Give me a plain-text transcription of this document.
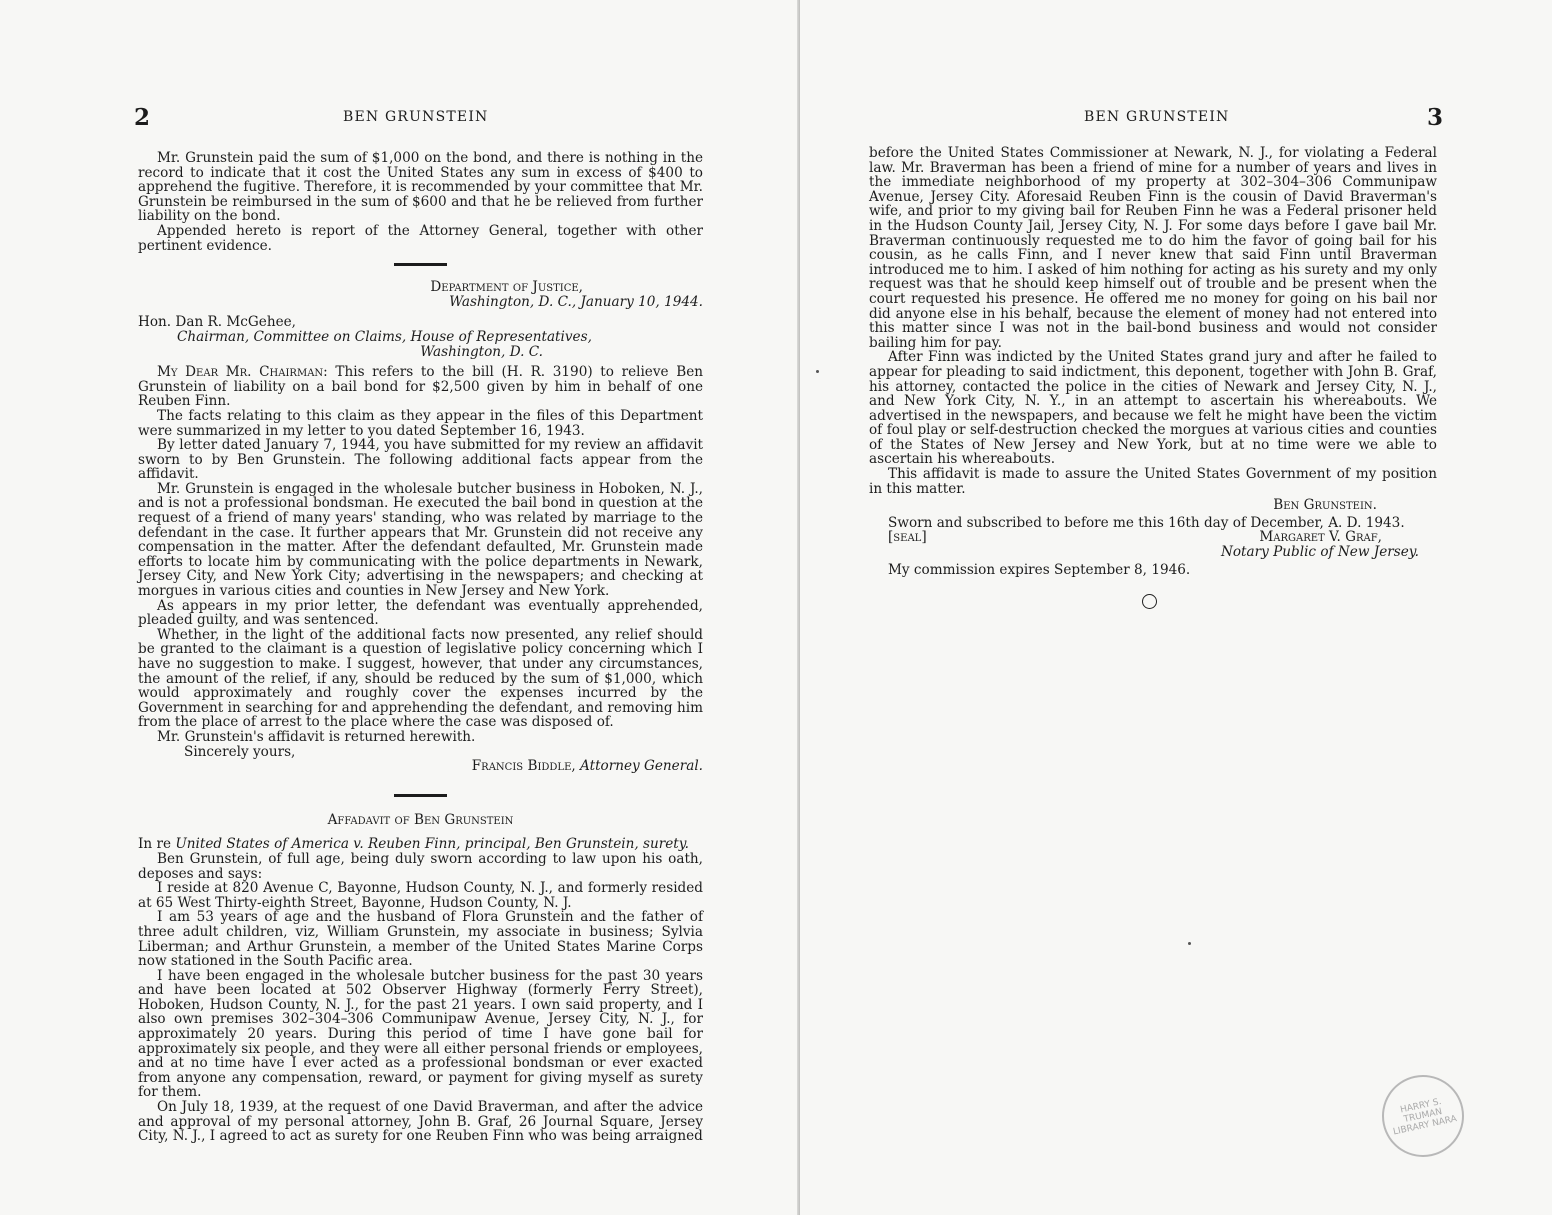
2	BEN GRUNSTEIN

Mr. Grunstein paid the sum of $1,000 on the bond, and there is nothing in the record to indicate that it cost the United States any sum in excess of $400 to apprehend the fugitive. Therefore, it is recommended by your committee that Mr. Grunstein be reimbursed in the sum of $600 and that he be relieved from further liability on the bond.

Appended hereto is report of the Attorney General, together with other pertinent evidence.

Department of Justice,
Washington, D. C., January 10, 1944.
Hon. Dan R. McGehee,
Chairman, Committee on Claims, House of Representatives,
Washington, D. C.

My Dear Mr. Chairman: This refers to the bill (H. R. 3190) to relieve Ben Grunstein of liability on a bail bond for $2,500 given by him in behalf of one Reuben Finn.

The facts relating to this claim as they appear in the files of this Department were summarized in my letter to you dated September 16, 1943.

By letter dated January 7, 1944, you have submitted for my review an affidavit sworn to by Ben Grunstein. The following additional facts appear from the affidavit.

Mr. Grunstein is engaged in the wholesale butcher business in Hoboken, N. J., and is not a professional bondsman. He executed the bail bond in question at the request of a friend of many years' standing, who was related by marriage to the defendant in the case. It further appears that Mr. Grunstein did not receive any compensation in the matter. After the defendant defaulted, Mr. Grunstein made efforts to locate him by communicating with the police departments in Newark, Jersey City, and New York City; advertising in the newspapers; and checking at morgues in various cities and counties in New Jersey and New York.

As appears in my prior letter, the defendant was eventually apprehended, pleaded guilty, and was sentenced.

Whether, in the light of the additional facts now presented, any relief should be granted to the claimant is a question of legislative policy concerning which I have no suggestion to make. I suggest, however, that under any circumstances, the amount of the relief, if any, should be reduced by the sum of $1,000, which would approximately and roughly cover the expenses incurred by the Government in searching for and apprehending the defendant, and removing him from the place of arrest to the place where the case was disposed of.

Mr. Grunstein's affidavit is returned herewith.

Sincerely yours,
Francis Biddle, Attorney General.
Affadavit of Ben Grunstein
In re United States of America v. Reuben Finn, principal, Ben Grunstein, surety.

Ben Grunstein, of full age, being duly sworn according to law upon his oath, deposes and says:

I reside at 820 Avenue C, Bayonne, Hudson County, N. J., and formerly resided at 65 West Thirty-eighth Street, Bayonne, Hudson County, N. J.

I am 53 years of age and the husband of Flora Grunstein and the father of three adult children, viz, William Grunstein, my associate in business; Sylvia Liberman; and Arthur Grunstein, a member of the United States Marine Corps now stationed in the South Pacific area.

I have been engaged in the wholesale butcher business for the past 30 years and have been located at 502 Observer Highway (formerly Ferry Street), Hoboken, Hudson County, N. J., for the past 21 years. I own said property, and I also own premises 302–304–306 Communipaw Avenue, Jersey City, N. J., for approximately 20 years. During this period of time I have gone bail for approximately six people, and they were all either personal friends or employees, and at no time have I ever acted as a professional bondsman or ever exacted from anyone any compensation, reward, or payment for giving myself as surety for them.

On July 18, 1939, at the request of one David Braverman, and after the advice and approval of my personal attorney, John B. Graf, 26 Journal Square, Jersey City, N. J., I agreed to act as surety for one Reuben Finn who was being arraigned

BEN GRUNSTEIN	3
before the United States Commissioner at Newark, N. J., for violating a Federal law. Mr. Braverman has been a friend of mine for a number of years and lives in the immediate neighborhood of my property at 302–304–306 Communipaw Avenue, Jersey City. Aforesaid Reuben Finn is the cousin of David Braverman's wife, and prior to my giving bail for Reuben Finn he was a Federal prisoner held in the Hudson County Jail, Jersey City, N. J. For some days before I gave bail Mr. Braverman continuously requested me to do him the favor of going bail for his cousin, as he calls Finn, and I never knew that said Finn until Braverman introduced me to him. I asked of him nothing for acting as his surety and my only request was that he should keep himself out of trouble and be present when the court requested his presence. He offered me no money for going on his bail nor did anyone else in his behalf, because the element of money had not entered into this matter since I was not in the bail-bond business and would not consider bailing him for pay.

After Finn was indicted by the United States grand jury and after he failed to appear for pleading to said indictment, this deponent, together with John B. Graf, his attorney, contacted the police in the cities of Newark and Jersey City, N. J., and New York City, N. Y., in an attempt to ascertain his whereabouts. We advertised in the newspapers, and because we felt he might have been the victim of foul play or self-destruction checked the morgues at various cities and counties of the States of New Jersey and New York, but at no time were we able to ascertain his whereabouts.

This affidavit is made to assure the United States Government of my position in this matter.

Ben Grunstein.

Sworn and subscribed to before me this 16th day of December, A. D. 1943.

[seal]	Margaret V. Graf,
Notary Public of New Jersey.

My commission expires September 8, 1946.

HARRY S. TRUMAN LIBRARY NARA
